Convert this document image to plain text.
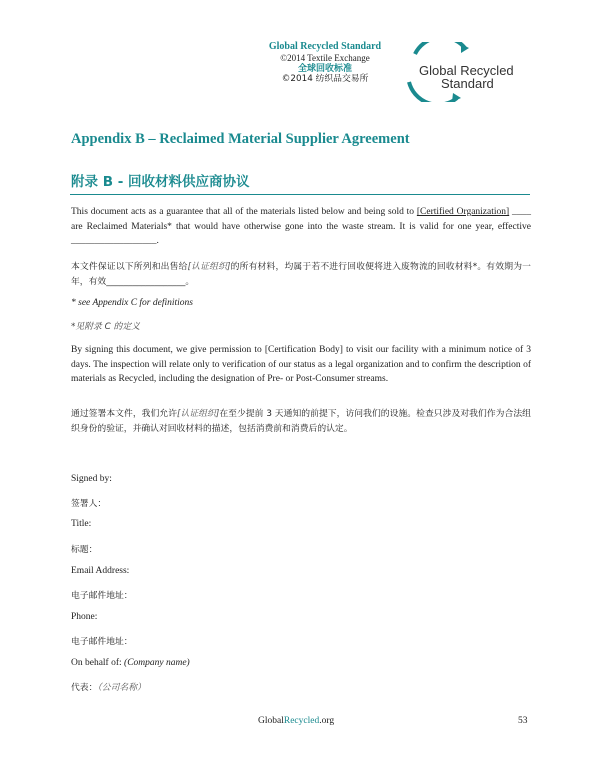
Global Recycled Standard
©2014 Textile Exchange
全球回收标准
©2014 纺织品交易所
Global Recycled
Standard
Appendix B – Reclaimed Material Supplier Agreement
附录 B - 回收材料供应商协议
This document acts as a guarantee that all of the materials listed below and being sold to [Certified Organization] ____ are Reclaimed Materials* that would have otherwise gone into the waste stream. It is valid for one year, effective __________________.
本文件保证以下所列和出售给[认证组织]的所有材料，均属于若不进行回收便将进入废物流的回收材料*。有效期为一年，有效__________________。
* see Appendix C for definitions
*见附录 C 的定义
By signing this document, we give permission to [Certification Body] to visit our facility with a minimum notice of 3 days. The inspection will relate only to verification of our status as a legal organization and to confirm the description of materials as Recycled, including the designation of Pre- or Post-Consumer streams.
通过签署本文件，我们允许[认证组织]在至少提前 3 天通知的前提下，访问我们的设施。检查只涉及对我们作为合法组织身份的验证，并确认对回收材料的描述，包括消费前和消费后的认定。
Signed by:
签署人：
Title:
标题：
Email Address:
电子邮件地址：
Phone:
电子邮件地址：
On behalf of: (Company name)
代表：（公司名称）
GlobalRecycled.org	53
